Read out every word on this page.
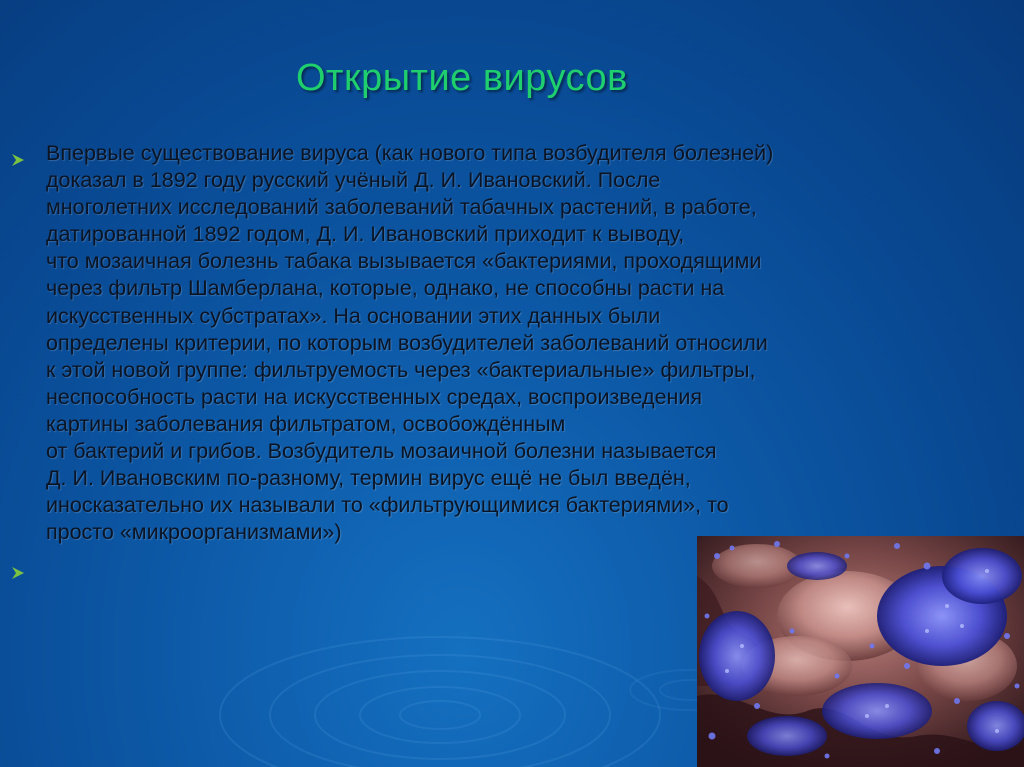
Открытие вирусов
Впервые существование вируса (как нового типа возбудителя болезней)
доказал в 1892 году русский учёный Д. И. Ивановский. После
многолетних исследований заболеваний табачных растений, в работе,
датированной 1892 годом, Д. И. Ивановский приходит к выводу,
что мозаичная болезнь табака вызывается «бактериями, проходящими
через фильтр Шамберлана, которые, однако, не способны расти на
искусственных субстратах». На основании этих данных были
определены критерии, по которым возбудителей заболеваний относили
к этой новой группе: фильтруемость через «бактериальные» фильтры,
неспособность расти на искусственных средах, воспроизведения
картины заболевания фильтратом, освобождённым
от бактерий и грибов. Возбудитель мозаичной болезни называется
Д. И. Ивановским по-разному, термин вирус ещё не был введён,
иносказательно их называли то «фильтрующимися бактериями», то
просто «микроорганизмами»)
